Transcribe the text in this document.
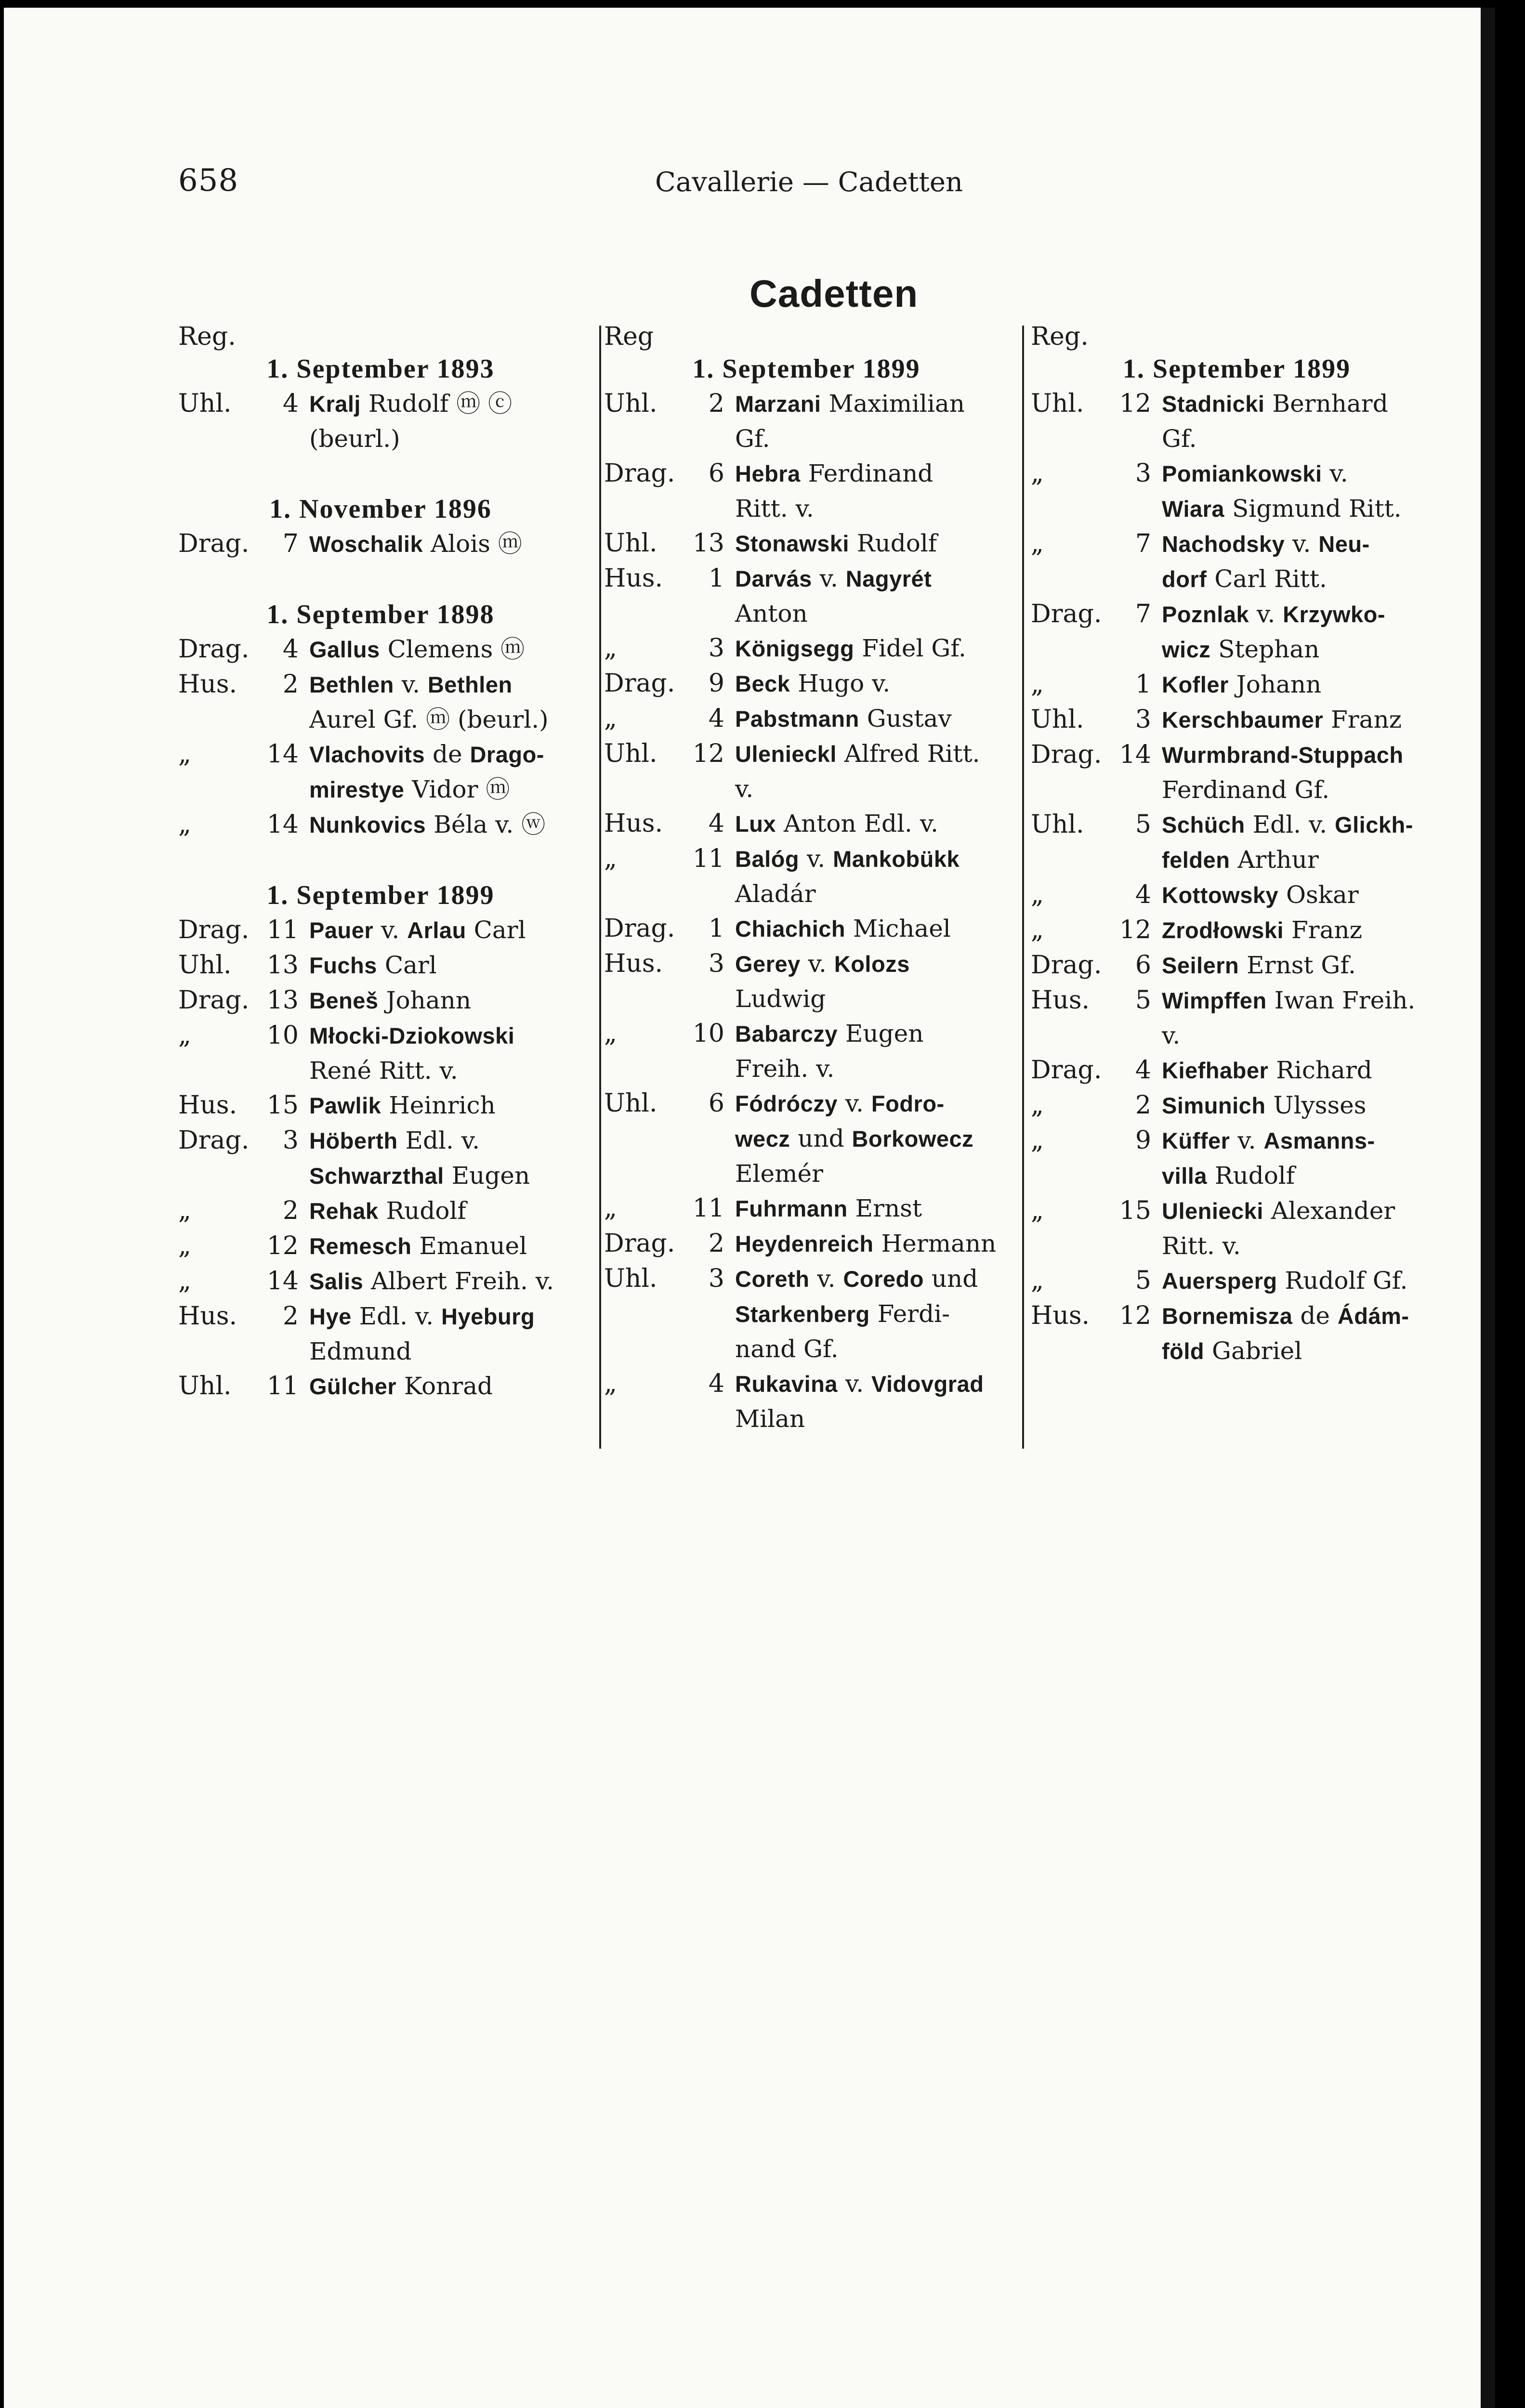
658	Cavallerie — Cadetten
Cadetten
Reg.
1. September 1893
Uhl.	4 Kralj Rudolf ⓜ ⓒ
(beurl.)
1. November 1896
Drag.	7 Woschalik Alois ⓜ
1. September 1898
Drag.	4 Gallus Clemens ⓜ
Hus.	2 Bethlen v. Bethlen
Aurel Gf. ⓜ (beurl.)
„	14 Vlachovits de Drago-
mirestye Vidor ⓜ
„	14 Nunkovics Béla v. ⓦ
1. September 1899
Drag. 11 Pauer v. Arlau Carl
Uhl.	13 Fuchs Carl
Drag. 13 Beneš Johann
„	10 Młocki-Dziokowski
René Ritt. v.
Hus.	15 Pawlik Heinrich
Drag.	3 Höberth Edl. v.
Schwarzthal Eugen
„	2 Rehak Rudolf
„	12 Remesch Emanuel
„	14 Salis Albert Freih. v.
Hus.	2 Hye Edl. v. Hyeburg
Edmund
Uhl.	11 Gülcher Konrad
Reg
1. September 1899
Uhl.	2 Marzani Maximilian
Gf.
Drag.	6 Hebra Ferdinand
Ritt. v.
Uhl.	13 Stonawski Rudolf
Hus.	1 Darvás v. Nagyrét
Anton
„	3 Königsegg Fidel Gf.
Drag.	9 Beck Hugo v.
„	4 Pabstmann Gustav
Uhl.	12 Ulenieckl Alfred Ritt.
v.
Hus.	4 Lux Anton Edl. v.
„	11 Balóg v. Mankobükk
Aladár
Drag.	1 Chiachich Michael
Hus.	3 Gerey v. Kolozs
Ludwig
„	10 Babarczy Eugen
Freih. v.
Uhl.	6 Fódróczy v. Fodro-
wecz und Borkowecz
Elemér
„	11 Fuhrmann Ernst
Drag.	2 Heydenreich Hermann
Uhl.	3 Coreth v. Coredo und
Starkenberg Ferdi-
nand Gf.
„	4 Rukavina v. Vidovgrad
Milan
Reg.
1. September 1899
Uhl.	12 Stadnicki Bernhard
Gf.
„	3 Pomiankowski v.
Wiara Sigmund Ritt.
„	7 Nachodsky v. Neu-
dorf Carl Ritt.
Drag.	7 Poznlak v. Krzywko-
wicz Stephan
„	1 Kofler Johann
Uhl.	3 Kerschbaumer Franz
Drag. 14 Wurmbrand-Stuppach
Ferdinand Gf.
Uhl.	5 Schüch Edl. v. Glickh-
felden Arthur
„	4 Kottowsky Oskar
„	12 Zrodłowski Franz
Drag.	6 Seilern Ernst Gf.
Hus.	5 Wimpffen Iwan Freih.
v.
Drag.	4 Kiefhaber Richard
„	2 Simunich Ulysses
„	9 Küffer v. Asmanns-
villa Rudolf
„	15 Uleniecki Alexander
Ritt. v.
„	5 Auersperg Rudolf Gf.
Hus.	12 Bornemisza de Ádám-
föld Gabriel
